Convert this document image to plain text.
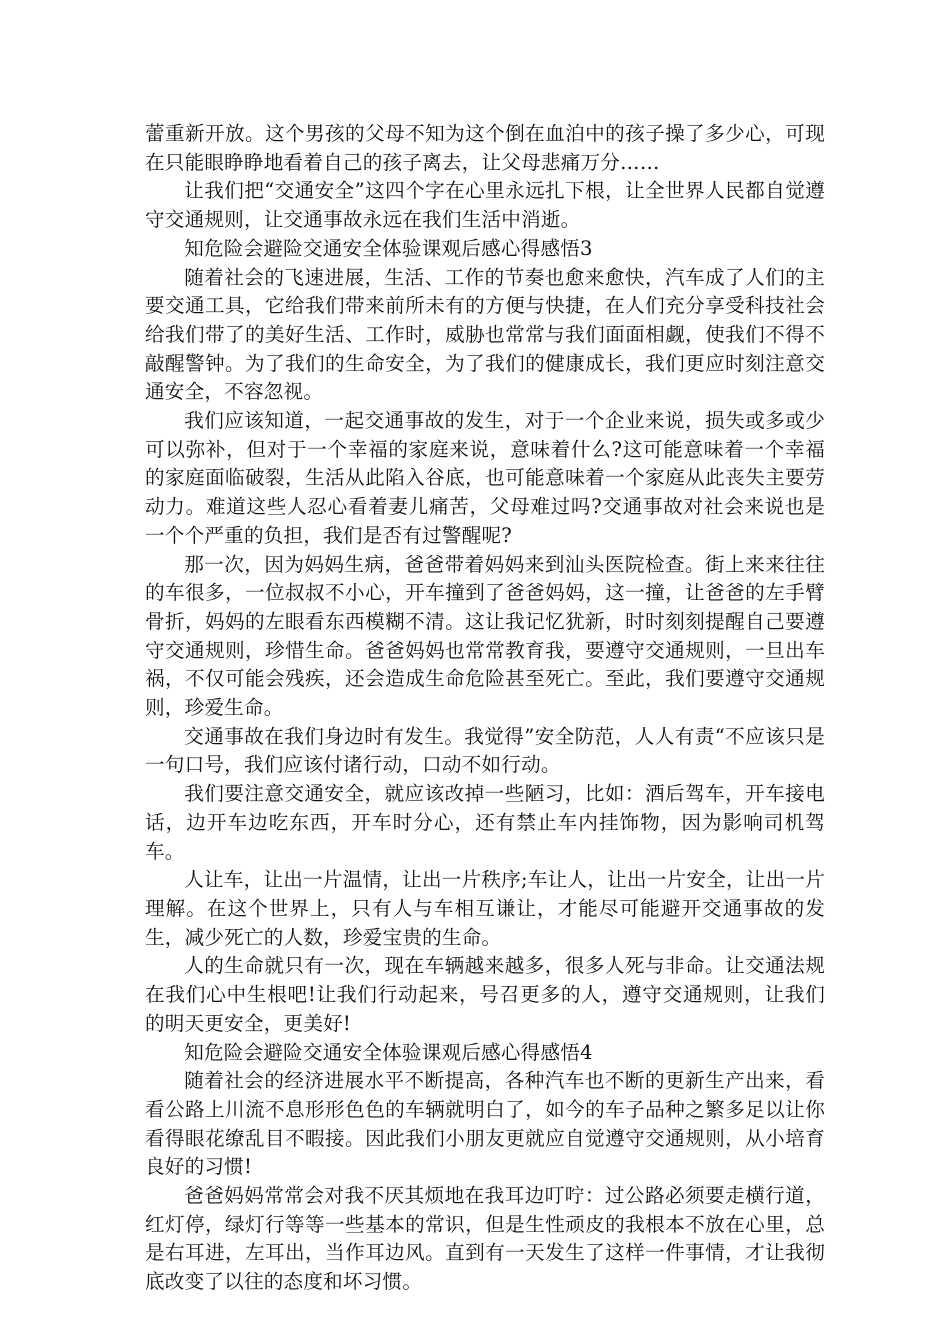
蕾重新开放。这个男孩的父母不知为这个倒在血泊中的孩子操了多少心，可现在只能眼睁睁地看着自己的孩子离去，让父母悲痛万分……

让我们把“交通安全”这四个字在心里永远扎下根，让全世界人民都自觉遵守交通规则，让交通事故永远在我们生活中消逝。

知危险会避险交通安全体验课观后感心得感悟3

随着社会的飞速进展，生活、工作的节奏也愈来愈快，汽车成了人们的主要交通工具，它给我们带来前所未有的方便与快捷，在人们充分享受科技社会给我们带了的美好生活、工作时，威胁也常常与我们面面相觑，使我们不得不敲醒警钟。为了我们的生命安全，为了我们的健康成长，我们更应时刻注意交通安全，不容忽视。

我们应该知道，一起交通事故的发生，对于一个企业来说，损失或多或少可以弥补，但对于一个幸福的家庭来说，意味着什么?这可能意味着一个幸福的家庭面临破裂，生活从此陷入谷底，也可能意味着一个家庭从此丧失主要劳动力。难道这些人忍心看着妻儿痛苦，父母难过吗?交通事故对社会来说也是一个个严重的负担，我们是否有过警醒呢?

那一次，因为妈妈生病，爸爸带着妈妈来到汕头医院检查。街上来来往往的车很多，一位叔叔不小心，开车撞到了爸爸妈妈，这一撞，让爸爸的左手臂骨折，妈妈的左眼看东西模糊不清。这让我记忆犹新，时时刻刻提醒自己要遵守交通规则，珍惜生命。爸爸妈妈也常常教育我，要遵守交通规则，一旦出车祸，不仅可能会残疾，还会造成生命危险甚至死亡。至此，我们要遵守交通规则，珍爱生命。

交通事故在我们身边时有发生。我觉得”安全防范，人人有责“不应该只是一句口号，我们应该付诸行动，口动不如行动。

我们要注意交通安全，就应该改掉一些陋习，比如：酒后驾车，开车接电话，边开车边吃东西，开车时分心，还有禁止车内挂饰物，因为影响司机驾车。

人让车，让出一片温情，让出一片秩序;车让人，让出一片安全，让出一片理解。在这个世界上，只有人与车相互谦让，才能尽可能避开交通事故的发生，减少死亡的人数，珍爱宝贵的生命。

人的生命就只有一次，现在车辆越来越多，很多人死与非命。让交通法规在我们心中生根吧!让我们行动起来，号召更多的人，遵守交通规则，让我们的明天更安全，更美好!

知危险会避险交通安全体验课观后感心得感悟4

随着社会的经济进展水平不断提高，各种汽车也不断的更新生产出来，看看公路上川流不息形形色色的车辆就明白了，如今的车子品种之繁多足以让你看得眼花缭乱目不暇接。因此我们小朋友更就应自觉遵守交通规则，从小培育良好的习惯!

爸爸妈妈常常会对我不厌其烦地在我耳边叮咛：过公路必须要走横行道，红灯停，绿灯行等等一些基本的常识，但是生性顽皮的我根本不放在心里，总是右耳进，左耳出，当作耳边风。直到有一天发生了这样一件事情，才让我彻底改变了以往的态度和坏习惯。
